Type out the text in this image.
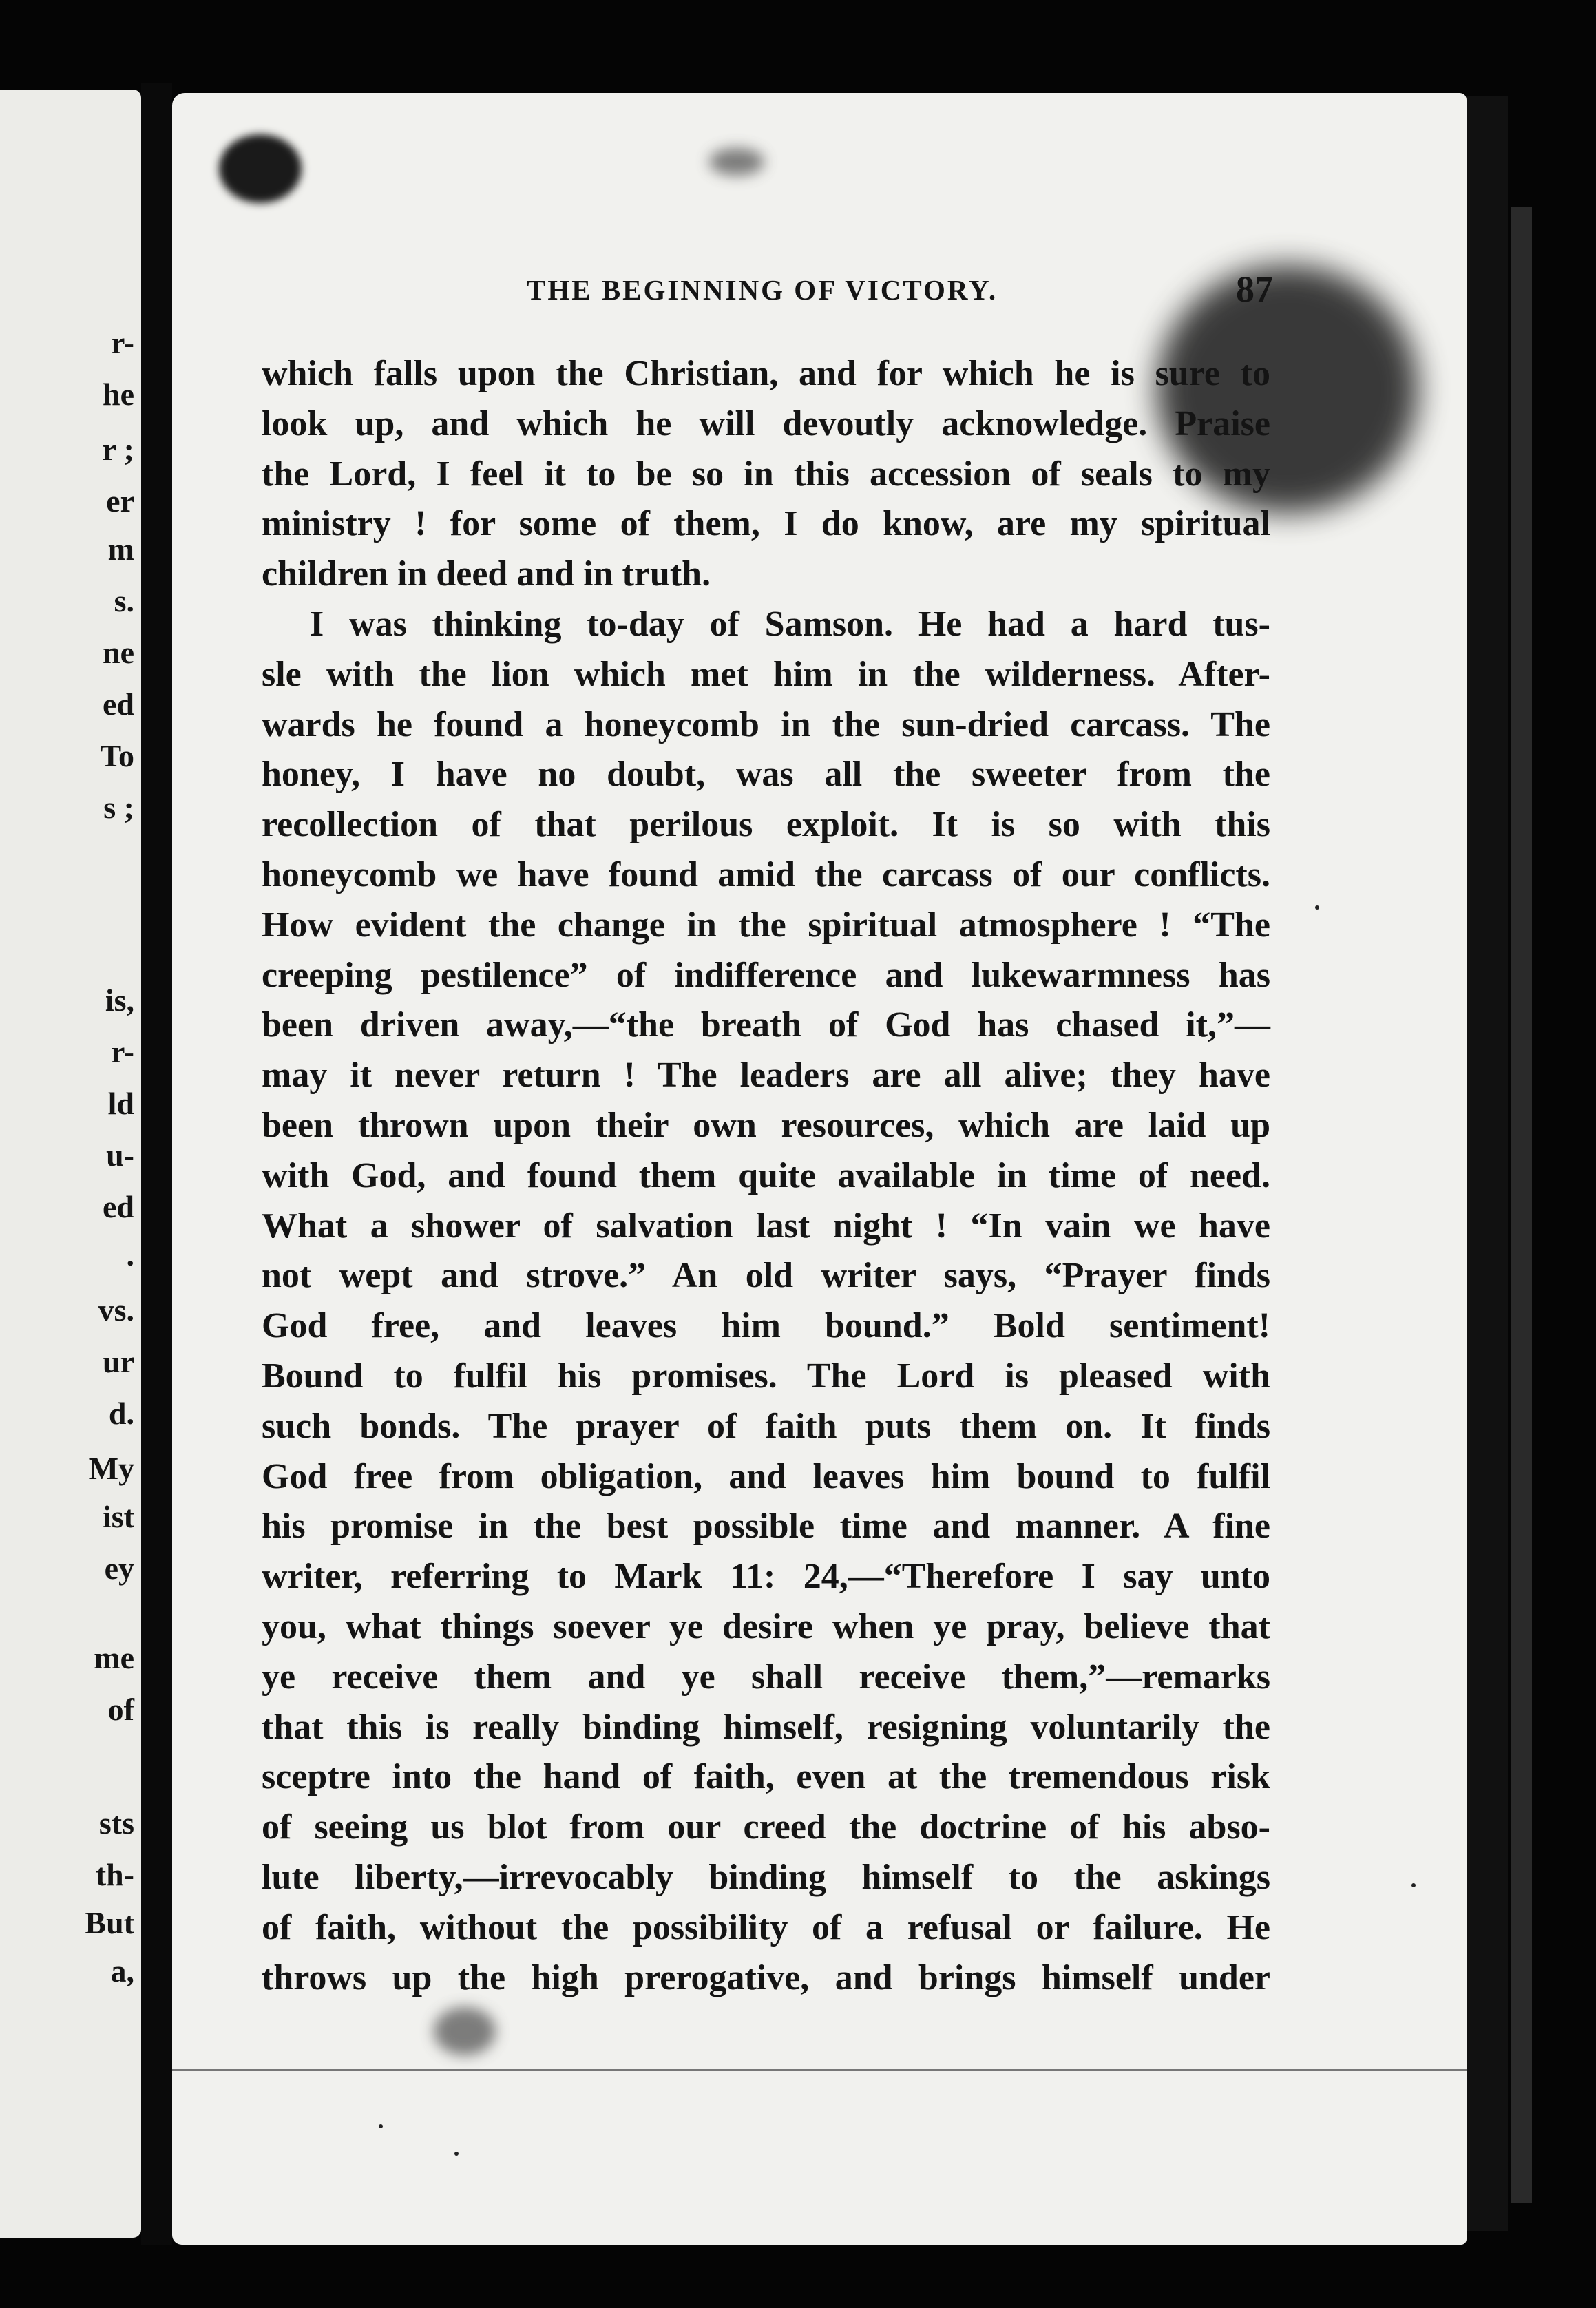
r-
he
r ;
er
m
s.
ne
ed
To
s ;
is,
r-
ld
u-
ed
.
vs.
ur
d.
My
ist
ey
me
of
sts
th-
But
a,
THE BEGINNING OF VICTORY.	87
which falls upon the Christian, and for which he is sure to
look up, and which he will devoutly acknowledge. Praise
the Lord, I feel it to be so in this accession of seals to my
ministry ! for some of them, I do know, are my spiritual
children in deed and in truth.
I was thinking to-day of Samson. He had a hard tus-
sle with the lion which met him in the wilderness. After-
wards he found a honeycomb in the sun-dried carcass. The
honey, I have no doubt, was all the sweeter from the
recollection of that perilous exploit. It is so with this
honeycomb we have found amid the carcass of our conflicts.
How evident the change in the spiritual atmosphere ! “The
creeping pestilence” of indifference and lukewarmness has
been driven away,—“the breath of God has chased it,”—
may it never return ! The leaders are all alive; they have
been thrown upon their own resources, which are laid up
with God, and found them quite available in time of need.
What a shower of salvation last night ! “In vain we have
not wept and strove.” An old writer says, “Prayer finds
God free, and leaves him bound.” Bold sentiment!
Bound to fulfil his promises. The Lord is pleased with
such bonds. The prayer of faith puts them on. It finds
God free from obligation, and leaves him bound to fulfil
his promise in the best possible time and manner. A fine
writer, referring to Mark 11: 24,—“Therefore I say unto
you, what things soever ye desire when ye pray, believe that
ye receive them and ye shall receive them,”—remarks
that this is really binding himself, resigning voluntarily the
sceptre into the hand of faith, even at the tremendous risk
of seeing us blot from our creed the doctrine of his abso-
lute liberty,—irrevocably binding himself to the askings
of faith, without the possibility of a refusal or failure. He
throws up the high prerogative, and brings himself under
